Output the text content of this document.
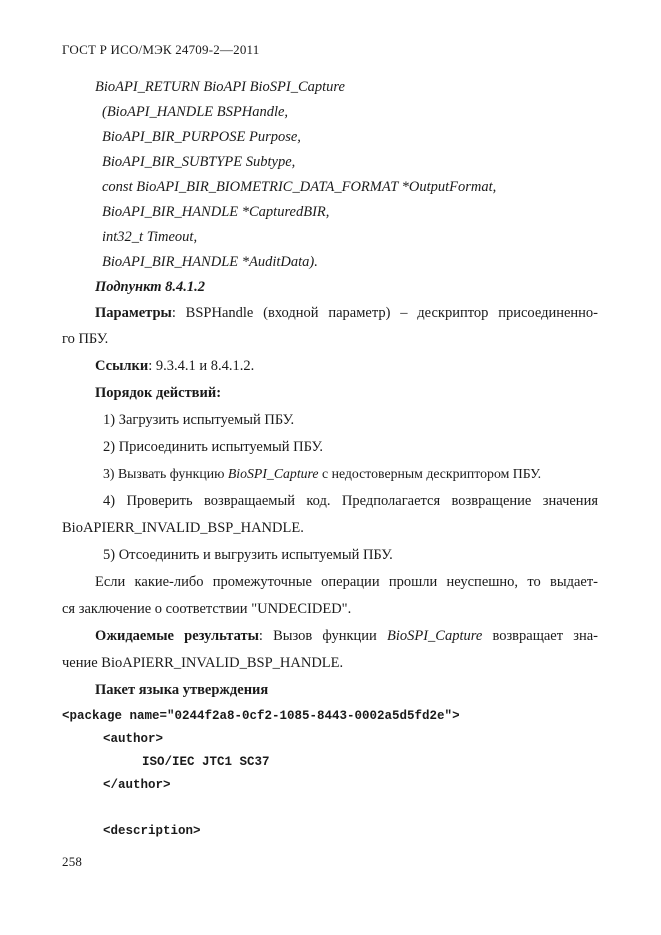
ГОСТ Р ИСО/МЭК 24709-2—2011
BioAPI_RETURN BioAPI BioSPI_Capture
(BioAPI_HANDLE BSPHandle,
BioAPI_BIR_PURPOSE Purpose,
BioAPI_BIR_SUBTYPE Subtype,
const BioAPI_BIR_BIOMETRIC_DATA_FORMAT *OutputFormat,
BioAPI_BIR_HANDLE *CapturedBIR,
int32_t Timeout,
BioAPI_BIR_HANDLE *AuditData).
Подпункт 8.4.1.2
Параметры: BSPHandle (входной параметр) – дескриптор присоединенно-
го ПБУ.
Ссылки: 9.3.4.1 и 8.4.1.2.
Порядок действий:
1) Загрузить испытуемый ПБУ.
2) Присоединить испытуемый ПБУ.
3) Вызвать функцию BioSPI_Capture с недостоверным дескриптором ПБУ.
4) Проверить возвращаемый код. Предполагается возвращение значения
BioAPIERR_INVALID_BSP_HANDLE.
5) Отсоединить и выгрузить испытуемый ПБУ.
Если какие-либо промежуточные операции прошли неуспешно, то выдает-
ся заключение о соответствии "UNDECIDED".
Ожидаемые результаты: Вызов функции BioSPI_Capture возвращает зна-
чение BioAPIERR_INVALID_BSP_HANDLE.
Пакет языка утверждения
<package name="0244f2a8-0cf2-1085-8443-0002a5d5fd2e">
<author>
ISO/IEC JTC1 SC37
</author>
<description>
258
